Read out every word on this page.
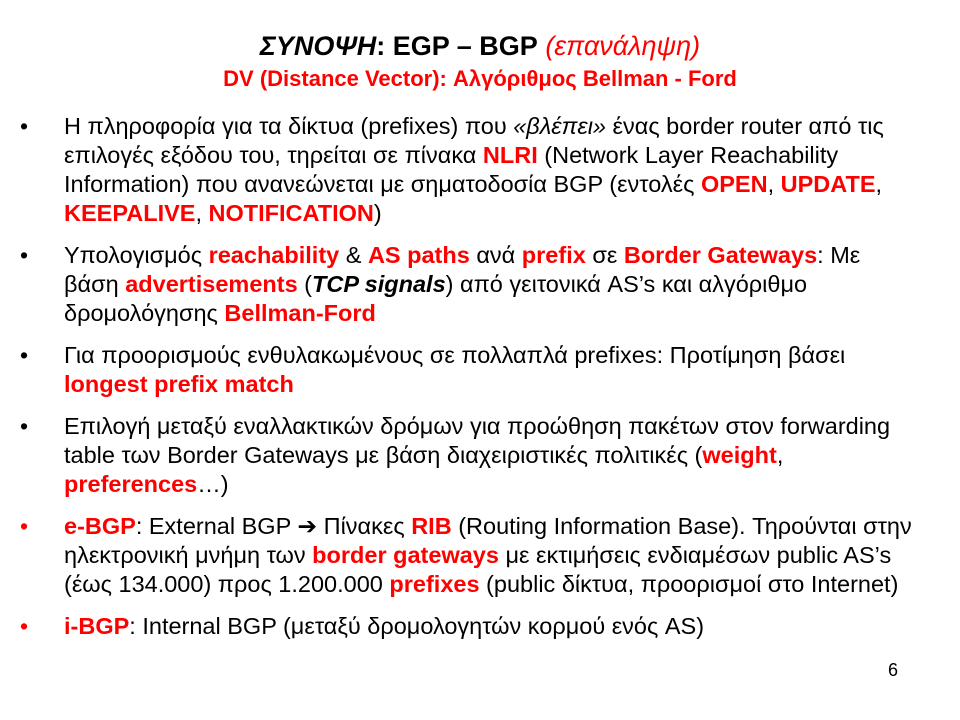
ΣΥΝΟΨΗ: EGP – BGP (επανάληψη)
DV (Distance Vector): Αλγόριθμος Bellman - Ford
• Η πληροφορία για τα δίκτυα (prefixes) που «βλέπει» ένας border router από τις επιλογές εξόδου του, τηρείται σε πίνακα NLRI (Network Layer Reachability Information) που ανανεώνεται με σηματοδοσία BGP (εντολές OPEN, UPDATE, KEEPALIVE, NOTIFICATION)
• Υπολογισμός reachability & AS paths ανά prefix σε Border Gateways: Με βάση advertisements (TCP signals) από γειτονικά AS’s και αλγόριθμο δρομολόγησης Bellman-Ford
• Για προορισμούς ενθυλακωμένους σε πολλαπλά prefixes: Προτίμηση βάσει longest prefix match
• Επιλογή μεταξύ εναλλακτικών δρόμων για προώθηση πακέτων στον forwarding table των Border Gateways με βάση διαχειριστικές πολιτικές (weight, preferences…)
• e-BGP: External BGP ➔ Πίνακες RIB (Routing Information Base). Τηρούνται στην ηλεκτρονική μνήμη των border gateways με εκτιμήσεις ενδιαμέσων public AS’s (έως 134.000) προς 1.200.000 prefixes (public δίκτυα, προορισμοί στο Internet)
• i-BGP: Internal BGP (μεταξύ δρομολογητών κορμού ενός AS)
6
